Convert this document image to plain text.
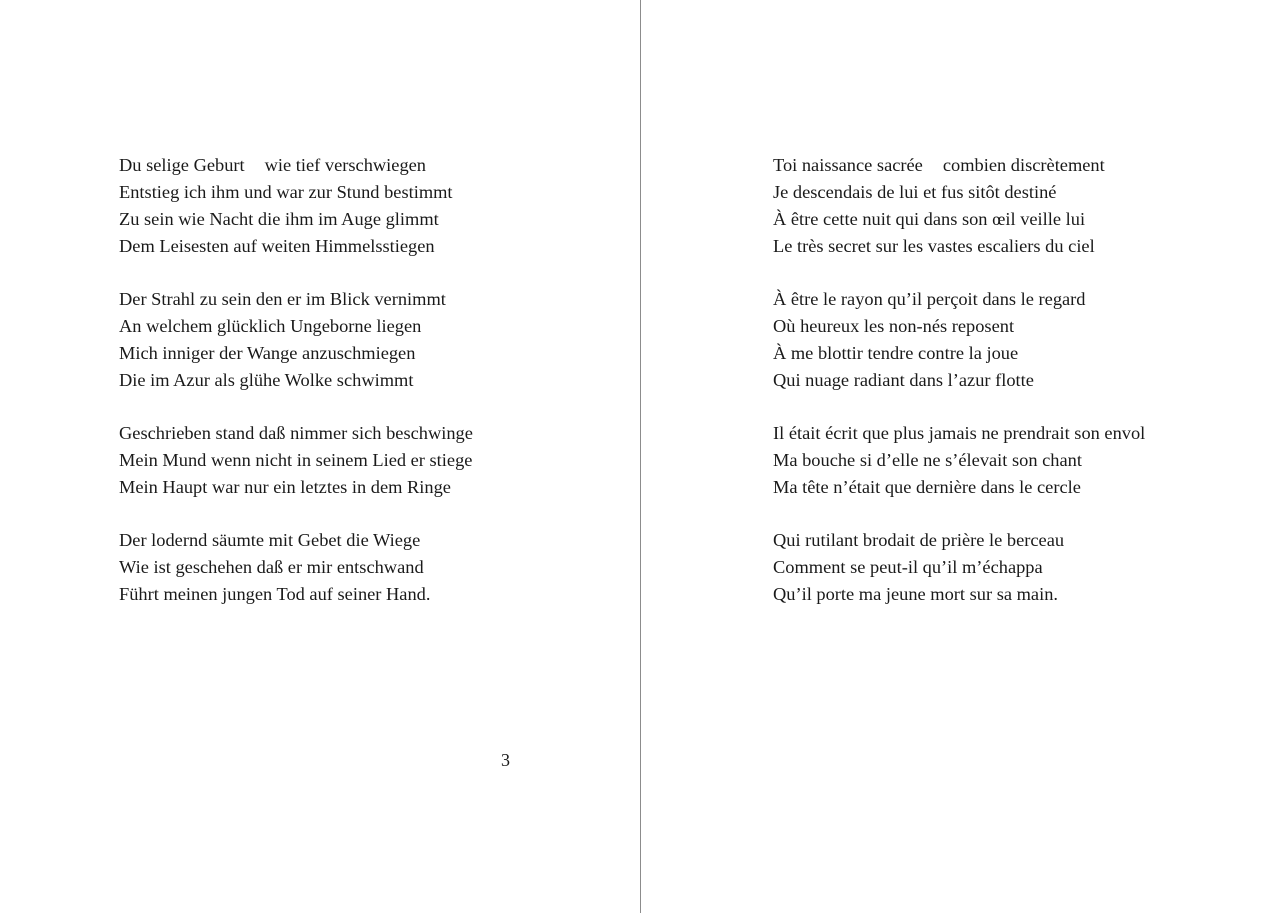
Du selige Geburt wie tief verschwiegen
Entstieg ich ihm und war zur Stund bestimmt
Zu sein wie Nacht die ihm im Auge glimmt
Dem Leisesten auf weiten Himmelsstiegen
Der Strahl zu sein den er im Blick vernimmt
An welchem glücklich Ungeborne liegen
Mich inniger der Wange anzuschmiegen
Die im Azur als glühe Wolke schwimmt
Geschrieben stand daß nimmer sich beschwinge
Mein Mund wenn nicht in seinem Lied er stiege
Mein Haupt war nur ein letztes in dem Ringe
Der lodernd säumte mit Gebet die Wiege
Wie ist geschehen daß er mir entschwand
Führt meinen jungen Tod auf seiner Hand.
3
Toi naissance sacrée combien discrètement
Je descendais de lui et fus sitôt destiné
À être cette nuit qui dans son œil veille lui
Le très secret sur les vastes escaliers du ciel
À être le rayon qu’il perçoit dans le regard
Où heureux les non-nés reposent
À me blottir tendre contre la joue
Qui nuage radiant dans l’azur flotte
Il était écrit que plus jamais ne prendrait son envol
Ma bouche si d’elle ne s’élevait son chant
Ma tête n’était que dernière dans le cercle
Qui rutilant brodait de prière le berceau
Comment se peut-il qu’il m’échappa
Qu’il porte ma jeune mort sur sa main.
